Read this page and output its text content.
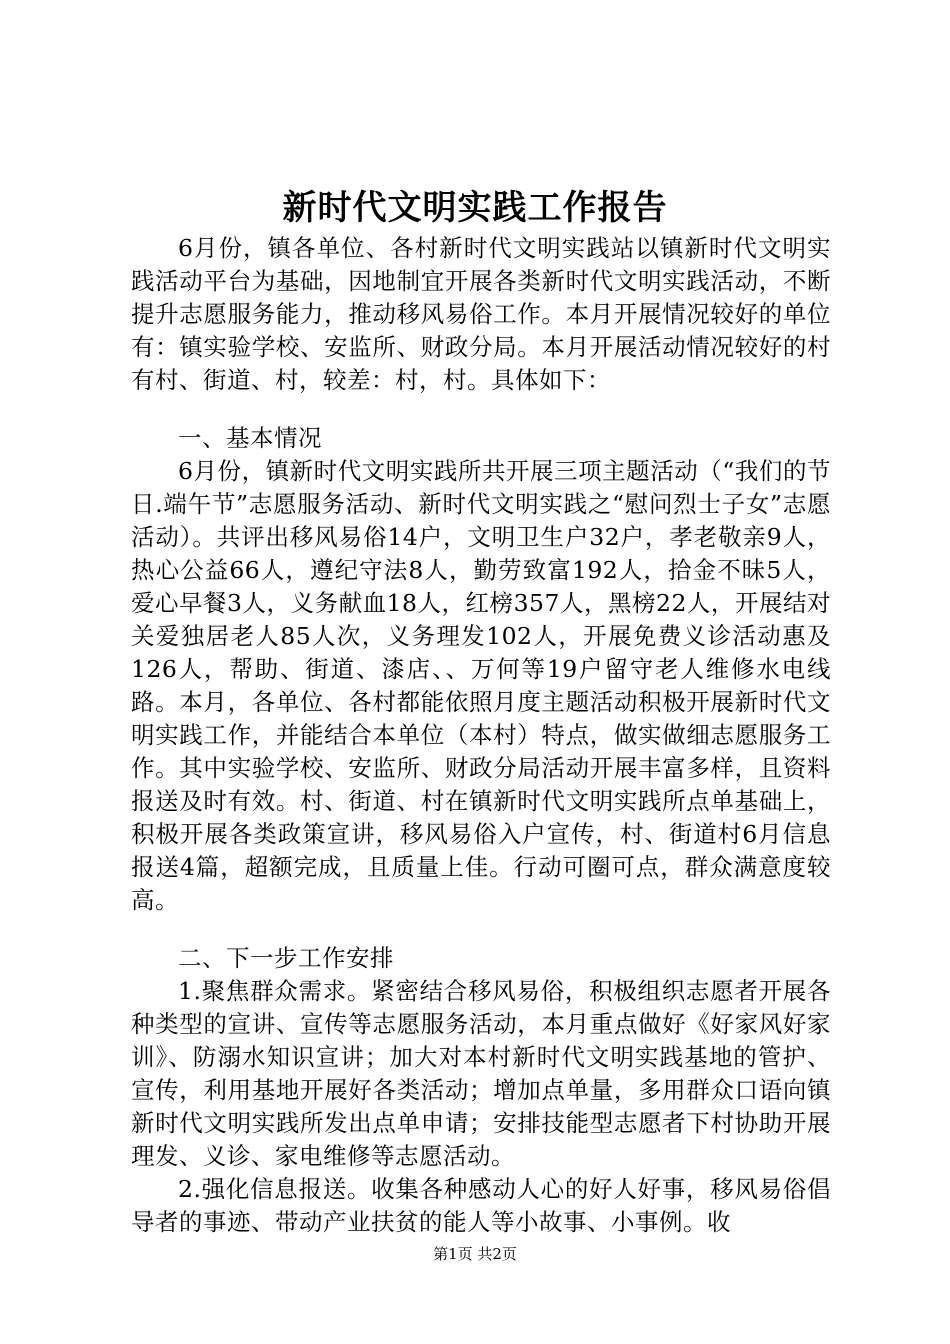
新时代文明实践工作报告

6月份，镇各单位、各村新时代文明实践站以镇新时代文明实践活动平台为基础，因地制宜开展各类新时代文明实践活动，不断提升志愿服务能力，推动移风易俗工作。本月开展情况较好的单位有：镇实验学校、安监所、财政分局。本月开展活动情况较好的村有村、街道、村，较差：村，村。具体如下：

一、基本情况

6月份，镇新时代文明实践所共开展三项主题活动（“我们的节日.端午节”志愿服务活动、新时代文明实践之“慰问烈士子女”志愿活动）。共评出移风易俗14户，文明卫生户32户，孝老敬亲9人，热心公益66人，遵纪守法8人，勤劳致富192人，拾金不昧5人，爱心早餐3人，义务献血18人，红榜357人，黑榜22人，开展结对关爱独居老人85人次，义务理发102人，开展免费义诊活动惠及126人，帮助、街道、漆店、、万何等19户留守老人维修水电线路。本月，各单位、各村都能依照月度主题活动积极开展新时代文明实践工作，并能结合本单位（本村）特点，做实做细志愿服务工作。其中实验学校、安监所、财政分局活动开展丰富多样，且资料报送及时有效。村、街道、村在镇新时代文明实践所点单基础上，积极开展各类政策宣讲，移风易俗入户宣传，村、街道村6月信息报送4篇，超额完成，且质量上佳。行动可圈可点，群众满意度较高。

二、下一步工作安排

1.聚焦群众需求。紧密结合移风易俗，积极组织志愿者开展各种类型的宣讲、宣传等志愿服务活动，本月重点做好《好家风好家训》、防溺水知识宣讲；加大对本村新时代文明实践基地的管护、宣传，利用基地开展好各类活动；增加点单量，多用群众口语向镇新时代文明实践所发出点单申请；安排技能型志愿者下村协助开展理发、义诊、家电维修等志愿活动。

2.强化信息报送。收集各种感动人心的好人好事，移风易俗倡导者的事迹、带动产业扶贫的能人等小故事、小事例。收

第1页 共2页
